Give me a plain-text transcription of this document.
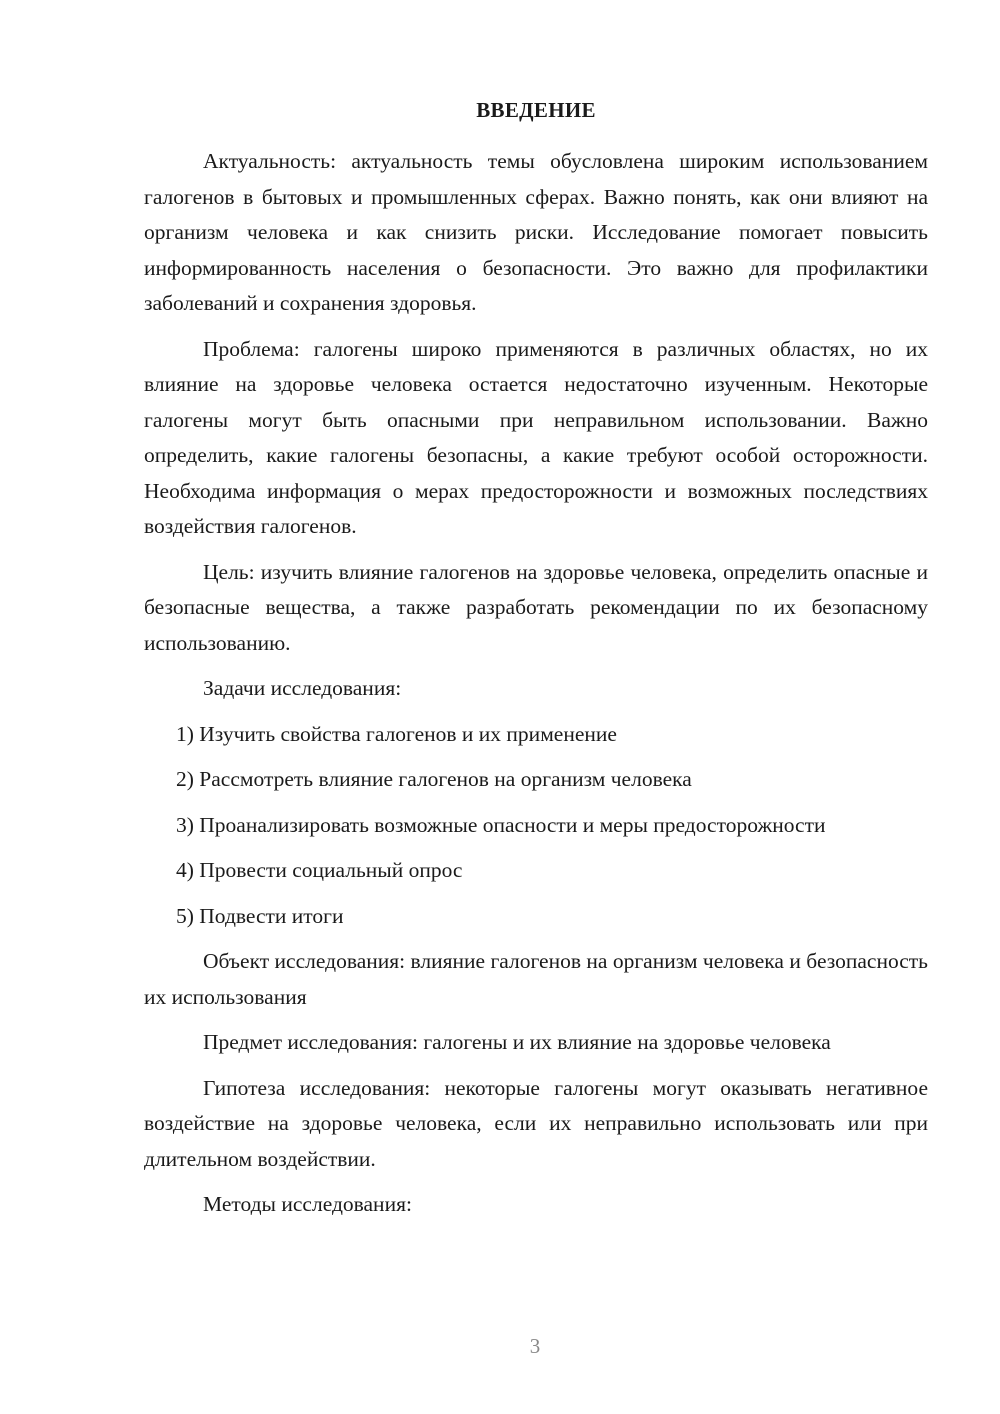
ВВЕДЕНИЕ

Актуальность: актуальность темы обусловлена широким использованием галогенов в бытовых и промышленных сферах. Важно понять, как они влияют на организм человека и как снизить риски. Исследование помогает повысить информированность населения о безопасности. Это важно для профилактики заболеваний и сохранения здоровья.

Проблема: галогены широко применяются в различных областях, но их влияние на здоровье человека остается недостаточно изученным. Некоторые галогены могут быть опасными при неправильном использовании. Важно определить, какие галогены безопасны, а какие требуют особой осторожности. Необходима информация о мерах предосторожности и возможных последствиях воздействия галогенов.

Цель: изучить влияние галогенов на здоровье человека, определить опасные и безопасные вещества, а также разработать рекомендации по их безопасному использованию.

Задачи исследования:

1) Изучить свойства галогенов и их применение

2) Рассмотреть влияние галогенов на организм человека

3) Проанализировать возможные опасности и меры предосторожности

4) Провести социальный опрос

5) Подвести итоги

Объект исследования: влияние галогенов на организм человека и безопасность их использования

Предмет исследования: галогены и их влияние на здоровье человека

Гипотеза исследования: некоторые галогены могут оказывать негативное воздействие на здоровье человека, если их неправильно использовать или при длительном воздействии.

Методы исследования:

3
